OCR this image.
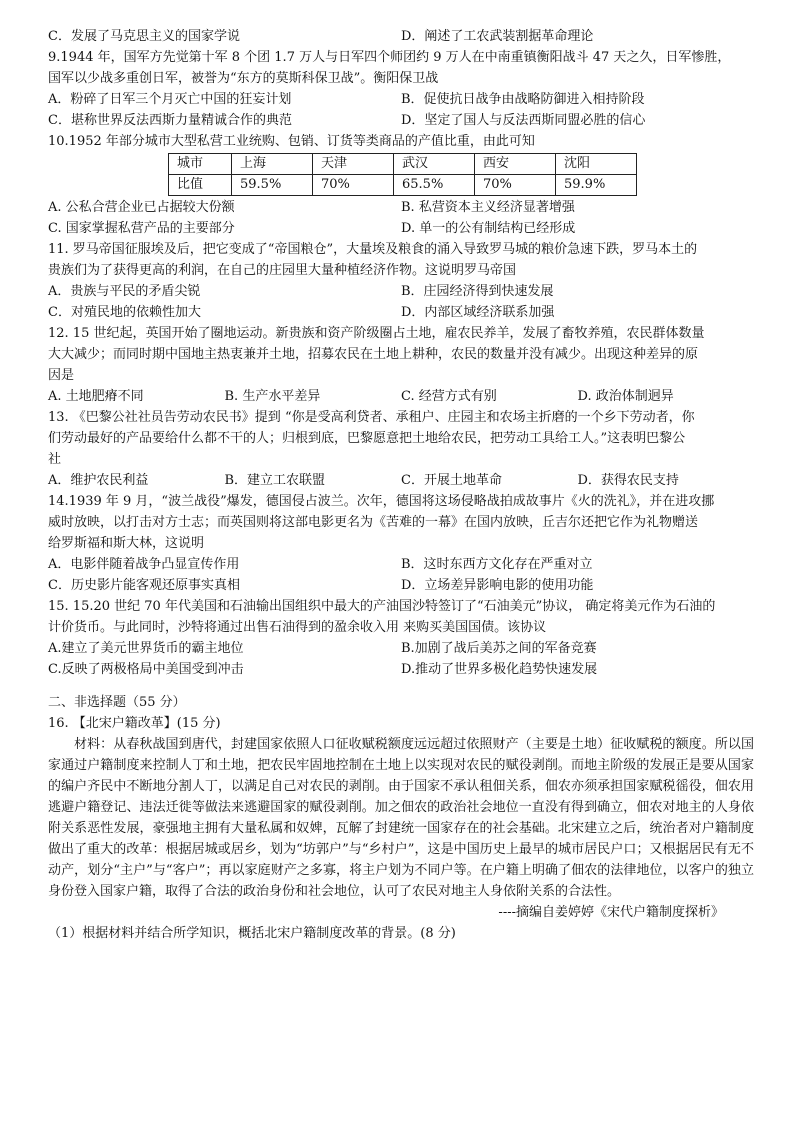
C．发展了马克思主义的国家学说	D．阐述了工农武装割据革命理论
9.1944 年，国军方先觉第十军 8 个团 1.7 万人与日军四个师团约 9 万人在中南重镇衡阳战斗 47 天之久，日军惨胜，
国军以少战多重创日军，被誉为“东方的莫斯科保卫战”。衡阳保卫战
A．粉碎了日军三个月灭亡中国的狂妄计划	B．促使抗日战争由战略防御进入相持阶段
C．堪称世界反法西斯力量精诚合作的典范	D．坚定了国人与反法西斯同盟必胜的信心
10.1952 年部分城市大型私营工业统购、包销、订货等类商品的产值比重，由此可知
城市	上海	天津	武汉	西安	沈阳
比值	59.5%	70%	65.5%	70%	59.9%
A. 公私合营企业已占据较大份额	B. 私营资本主义经济显著增强
C. 国家掌握私营产品的主要部分	D. 单一的公有制结构已经形成
11. 罗马帝国征服埃及后，把它变成了“帝国粮仓”，大量埃及粮食的涌入导致罗马城的粮价急速下跌，罗马本土的
贵族们为了获得更高的利润，在自己的庄园里大量种植经济作物。这说明罗马帝国
A．贵族与平民的矛盾尖锐	B．庄园经济得到快速发展
C．对殖民地的依赖性加大	D．内部区域经济联系加强
12. 15 世纪起，英国开始了圈地运动。新贵族和资产阶级圈占土地，雇农民养羊，发展了畜牧养殖，农民群体数量
大大减少；而同时期中国地主热衷兼并土地，招募农民在土地上耕种，农民的数量并没有减少。出现这种差异的原
因是
A. 土地肥瘠不同	B. 生产水平差异	C. 经营方式有别	D. 政治体制迥异
13. 《巴黎公社社员告劳动农民书》提到 “你是受高利贷者、承租户、庄园主和农场主折磨的一个乡下劳动者，你
们劳动最好的产品要给什么都不干的人；归根到底，巴黎愿意把土地给农民，把劳动工具给工人。”这表明巴黎公
社
A．维护农民利益	B．建立工农联盟	C．开展土地革命	D．获得农民支持
14.1939 年 9 月，“波兰战役”爆发，德国侵占波兰。次年，德国将这场侵略战拍成故事片《火的洗礼》，并在进攻挪
威时放映，以打击对方士志；而英国则将这部电影更名为《苦难的一幕》在国内放映，丘吉尔还把它作为礼物赠送
给罗斯福和斯大林，这说明
A．电影伴随着战争凸显宣传作用	B．这时东西方文化存在严重对立
C．历史影片能客观还原事实真相	D．立场差异影响电影的使用功能
15. 15.20 世纪 70 年代美国和石油输出国组织中最大的产油国沙特签订了“石油美元”协议， 确定将美元作为石油的
计价货币。与此同时，沙特将通过出售石油得到的盈余收入用 来购买美国国债。该协议
A.建立了美元世界货币的霸主地位	B.加剧了战后美苏之间的军备竞赛
C.反映了两极格局中美国受到冲击	D.推动了世界多极化趋势快速发展
二、非选择题（55 分）
16. 【北宋户籍改革】(15 分)
材料：从春秋战国到唐代，封建国家依照人口征收赋税额度远远超过依照财产（主要是土地）征收赋税的额度。所以国家通过户籍制度来控制人丁和土地，把农民牢固地控制在土地上以实现对农民的赋役剥削。而地主阶级的发展正是要从国家的编户齐民中不断地分割人丁，以满足自己对农民的剥削。由于国家不承认租佃关系，佃农亦须承担国家赋税徭役，佃农用逃避户籍登记、违法迁徙等做法来逃避国家的赋役剥削。加之佃农的政治社会地位一直没有得到确立，佃农对地主的人身依附关系恶性发展，豪强地主拥有大量私属和奴婢，瓦解了封建统一国家存在的社会基础。北宋建立之后，统治者对户籍制度做出了重大的改革：根据居城或居乡，划为“坊郭户”与“乡村户”，这是中国历史上最早的城市居民户口；又根据居民有无不动产，划分“主户”与“客户”；再以家庭财产之多寡，将主户划为不同户等。在户籍上明确了佃农的法律地位，以客户的独立身份登入国家户籍，取得了合法的政治身份和社会地位，认可了农民对地主人身依附关系的合法性。
----摘编自姜婷婷《宋代户籍制度探析》
（1）根据材料并结合所学知识，概括北宋户籍制度改革的背景。(8 分)
